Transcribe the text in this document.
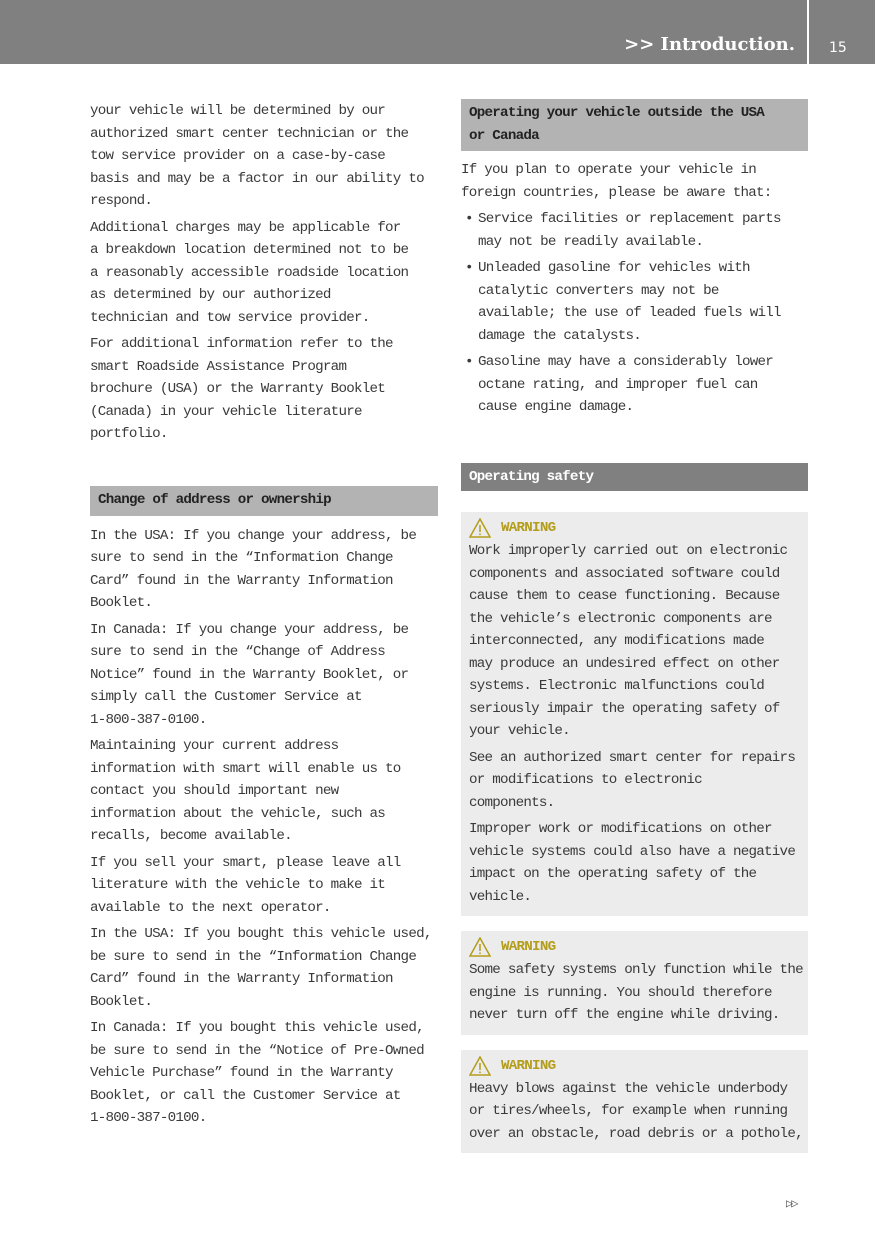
>> Introduction. 15

your vehicle will be determined by our
authorized smart center technician or the
tow service provider on a case-by-case
basis and may be a factor in our ability to
respond.

Additional charges may be applicable for
a breakdown location determined not to be
a reasonably accessible roadside location
as determined by our authorized
technician and tow service provider.

For additional information refer to the
smart Roadside Assistance Program
brochure (USA) or the Warranty Booklet
(Canada) in your vehicle literature
portfolio.

Change of address or ownership

In the USA: If you change your address, be
sure to send in the “Information Change
Card” found in the Warranty Information
Booklet.

In Canada: If you change your address, be
sure to send in the “Change of Address
Notice” found in the Warranty Booklet, or
simply call the Customer Service at
1-800-387-0100.

Maintaining your current address
information with smart will enable us to
contact you should important new
information about the vehicle, such as
recalls, become available.

If you sell your smart, please leave all
literature with the vehicle to make it
available to the next operator.

In the USA: If you bought this vehicle used,
be sure to send in the “Information Change
Card” found in the Warranty Information
Booklet.

In Canada: If you bought this vehicle used,
be sure to send in the “Notice of Pre-Owned
Vehicle Purchase” found in the Warranty
Booklet, or call the Customer Service at
1-800-387-0100.

Operating your vehicle outside the USA
or Canada

If you plan to operate your vehicle in
foreign countries, please be aware that:

• Service facilities or replacement parts
may not be readily available.
• Unleaded gasoline for vehicles with
catalytic converters may not be
available; the use of leaded fuels will
damage the catalysts.
• Gasoline may have a considerably lower
octane rating, and improper fuel can
cause engine damage.
Operating safety
WARNING

Work improperly carried out on electronic
components and associated software could
cause them to cease functioning. Because
the vehicle’s electronic components are
interconnected, any modifications made
may produce an undesired effect on other
systems. Electronic malfunctions could
seriously impair the operating safety of
your vehicle.

See an authorized smart center for repairs
or modifications to electronic
components.

Improper work or modifications on other
vehicle systems could also have a negative
impact on the operating safety of the
vehicle.

WARNING

Some safety systems only function while the
engine is running. You should therefore
never turn off the engine while driving.

WARNING

Heavy blows against the vehicle underbody
or tires/wheels, for example when running
over an obstacle, road debris or a pothole,

▷▷
